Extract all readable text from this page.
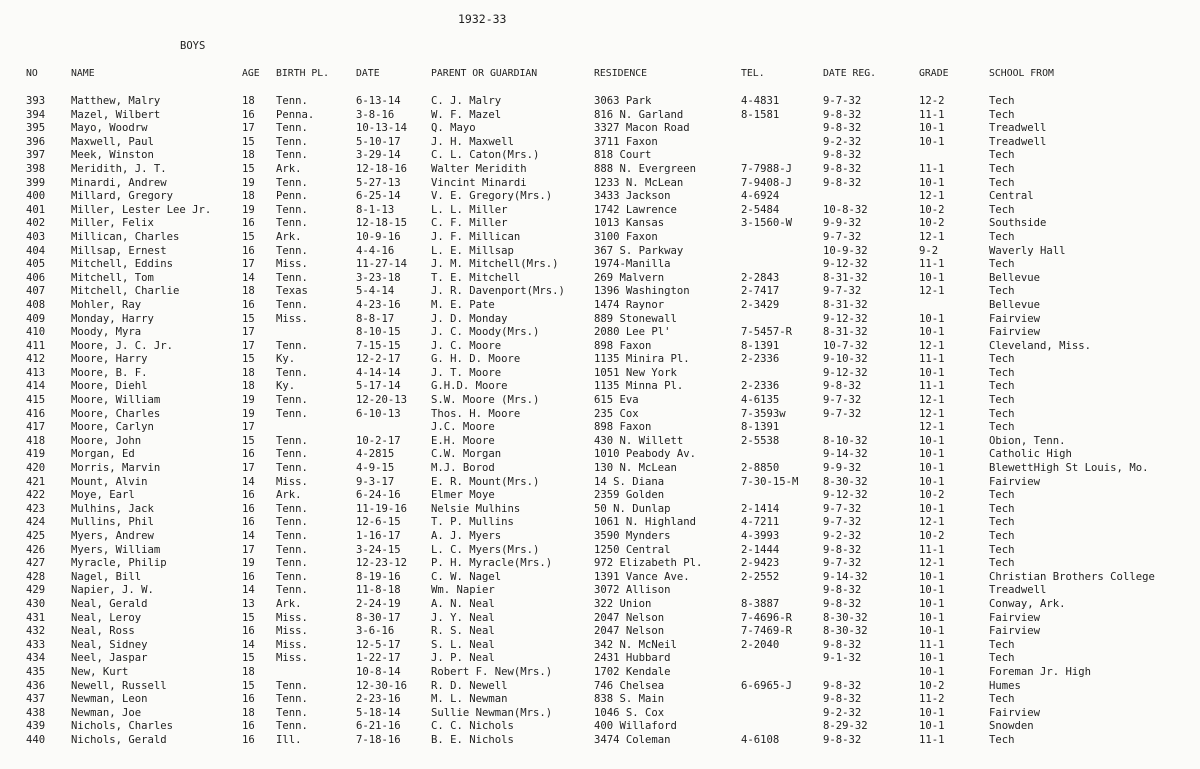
1932-33
BOYS
NO	NAME	AGE	BIRTH PL.	DATE	PARENT OR GUARDIAN	RESIDENCE	TEL.	DATE REG.	GRADE	SCHOOL FROM
393	Matthew, Malry	18	Tenn.	6-13-14	C. J. Malry	3063 Park	4-4831	9-7-32	12-2	Tech
394	Mazel, Wilbert	16	Penna.	3-8-16	W. F. Mazel	816 N. Garland	8-1581	9-8-32	11-1	Tech
395	Mayo, Woodrw	17	Tenn.	10-13-14	Q. Mayo	3327 Macon Road		9-8-32	10-1	Treadwell
396	Maxwell, Paul	15	Tenn.	5-10-17	J. H. Maxwell	3711 Faxon		9-2-32	10-1	Treadwell
397	Meek, Winston	18	Tenn.	3-29-14	C. L. Caton(Mrs.)	818 Court		9-8-32		Tech
398	Meridith, J. T.	15	Ark.	12-18-16	Walter Meridith	888 N. Evergreen	7-7988-J	9-8-32	11-1	Tech
399	Minardi, Andrew	19	Tenn.	5-27-13	Vincint Minardi	1233 N. McLean	7-9408-J	9-8-32	10-1	Tech
400	Millard, Gregory	18	Penn.	6-25-14	V. E. Gregory(Mrs.)	3433 Jackson	4-6924		12-1	Central
401	Miller, Lester Lee Jr.	19	Tenn.	8-1-13	L. L. Miller	1742 Lawrence	2-5484	10-8-32	10-2	Tech
402	Miller, Felix	16	Tenn.	12-18-15	C. F. Miller	1013 Kansas	3-1560-W	9-9-32	10-2	Southside
403	Millican, Charles	15	Ark.	10-9-16	J. F. Millican	3100 Faxon		9-7-32	12-1	Tech
404	Millsap, Ernest	16	Tenn.	4-4-16	L. E. Millsap	367 S. Parkway		10-9-32	9-2	Waverly Hall
405	Mitchell, Eddins	17	Miss.	11-27-14	J. M. Mitchell(Mrs.)	1974-Manilla		9-12-32	11-1	Tech
406	Mitchell, Tom	14	Tenn.	3-23-18	T. E. Mitchell	269 Malvern	2-2843	8-31-32	10-1	Bellevue
407	Mitchell, Charlie	18	Texas	5-4-14	J. R. Davenport(Mrs.)	1396 Washington	2-7417	9-7-32	12-1	Tech
408	Mohler, Ray	16	Tenn.	4-23-16	M. E. Pate	1474 Raynor	2-3429	8-31-32		Bellevue
409	Monday, Harry	15	Miss.	8-8-17	J. D. Monday	889 Stonewall		9-12-32	10-1	Fairview
410	Moody, Myra	17		8-10-15	J. C. Moody(Mrs.)	2080 Lee Pl'	7-5457-R	8-31-32	10-1	Fairview
411	Moore, J. C. Jr.	17	Tenn.	7-15-15	J. C. Moore	898 Faxon	8-1391	10-7-32	12-1	Cleveland, Miss.
412	Moore, Harry	15	Ky.	12-2-17	G. H. D. Moore	1135 Minira Pl.	2-2336	9-10-32	11-1	Tech
413	Moore, B. F.	18	Tenn.	4-14-14	J. T. Moore	1051 New York		9-12-32	10-1	Tech
414	Moore, Diehl	18	Ky.	5-17-14	G.H.D. Moore	1135 Minna Pl.	2-2336	9-8-32	11-1	Tech
415	Moore, William	19	Tenn.	12-20-13	S.W. Moore (Mrs.)	615 Eva	4-6135	9-7-32	12-1	Tech
416	Moore, Charles	19	Tenn.	6-10-13	Thos. H. Moore	235 Cox	7-3593w	9-7-32	12-1	Tech
417	Moore, Carlyn	17			J.C. Moore	898 Faxon	8-1391		12-1	Tech
418	Moore, John	15	Tenn.	10-2-17	E.H. Moore	430 N. Willett	2-5538	8-10-32	10-1	Obion, Tenn.
419	Morgan, Ed	16	Tenn.	4-2815	C.W. Morgan	1010 Peabody Av.		9-14-32	10-1	Catholic High
420	Morris, Marvin	17	Tenn.	4-9-15	M.J. Borod	130 N. McLean	2-8850	9-9-32	10-1	BlewettHigh St Louis, Mo.
421	Mount, Alvin	14	Miss.	9-3-17	E. R. Mount(Mrs.)	14 S. Diana	7-30-15-M	8-30-32	10-1	Fairview
422	Moye, Earl	16	Ark.	6-24-16	Elmer Moye	2359 Golden		9-12-32	10-2	Tech
423	Mulhins, Jack	16	Tenn.	11-19-16	Nelsie Mulhins	50 N. Dunlap	2-1414	9-7-32	10-1	Tech
424	Mullins, Phil	16	Tenn.	12-6-15	T. P. Mullins	1061 N. Highland	4-7211	9-7-32	12-1	Tech
425	Myers, Andrew	14	Tenn.	1-16-17	A. J. Myers	3590 Mynders	4-3993	9-2-32	10-2	Tech
426	Myers, William	17	Tenn.	3-24-15	L. C. Myers(Mrs.)	1250 Central	2-1444	9-8-32	11-1	Tech
427	Myracle, Philip	19	Tenn.	12-23-12	P. H. Myracle(Mrs.)	972 Elizabeth Pl.	2-9423	9-7-32	12-1	Tech
428	Nagel, Bill	16	Tenn.	8-19-16	C. W. Nagel	1391 Vance Ave.	2-2552	9-14-32	10-1	Christian Brothers College
429	Napier, J. W.	14	Tenn.	11-8-18	Wm. Napier	3072 Allison		9-8-32	10-1	Treadwell
430	Neal, Gerald	13	Ark.	2-24-19	A. N. Neal	322 Union	8-3887	9-8-32	10-1	Conway, Ark.
431	Neal, Leroy	15	Miss.	8-30-17	J. Y. Neal	2047 Nelson	7-4696-R	8-30-32	10-1	Fairview
432	Neal, Ross	16	Miss.	3-6-16	R. S. Neal	2047 Nelson	7-7469-R	8-30-32	10-1	Fairview
433	Neal, Sidney	14	Miss.	12-5-17	S. L. Neal	342 N. McNeil	2-2040	9-8-32	11-1	Tech
434	Neel, Jaspar	15	Miss.	1-22-17	J. P. Neal	2431 Hubbard		9-1-32	10-1	Tech
435	New, Kurt	18		10-8-14	Robert F. New(Mrs.)	1702 Kendale			10-1	Foreman Jr. High
436	Newell, Russell	15	Tenn.	12-30-16	R. D. Newell	746 Chelsea	6-6965-J	9-8-32	10-2	Humes
437	Newman, Leon	16	Tenn.	2-23-16	M. L. Newman	838 S. Main		9-8-32	11-2	Tech
438	Newman, Joe	18	Tenn.	5-18-14	Sullie Newman(Mrs.)	1046 S. Cox		9-2-32	10-1	Fairview
439	Nichols, Charles	16	Tenn.	6-21-16	C. C. Nichols	400 Willaford		8-29-32	10-1	Snowden
440	Nichols, Gerald	16	Ill.	7-18-16	B. E. Nichols	3474 Coleman	4-6108	9-8-32	11-1	Tech
